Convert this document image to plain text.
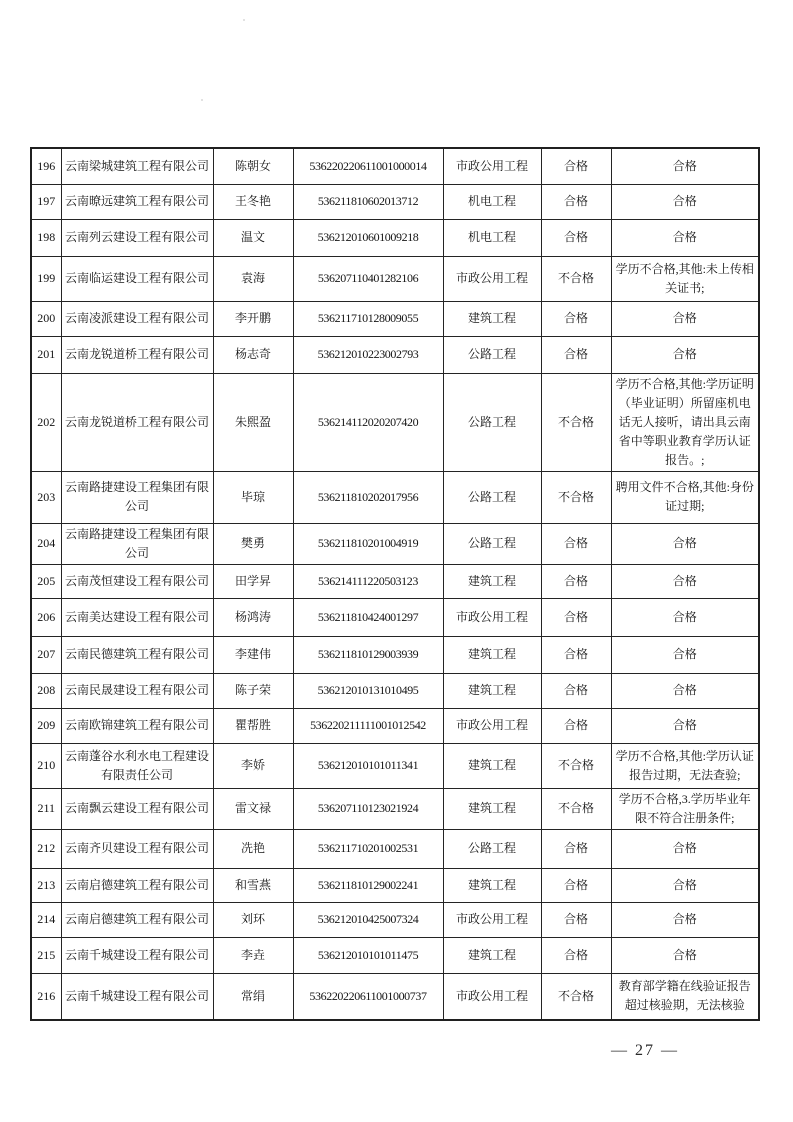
196	云南梁城建筑工程有限公司	陈朝女	536220220611001000014	市政公用工程	合格	合格
197	云南暸远建筑工程有限公司	王冬艳	536211810602013712	机电工程	合格	合格
198	云南列云建设工程有限公司	温文	536212010601009218	机电工程	合格	合格
199	云南临运建设工程有限公司	袁海	536207110401282106	市政公用工程	不合格	学历不合格,其他:未上传相关证书;
200	云南凌派建设工程有限公司	李开鹏	536211710128009055	建筑工程	合格	合格
201	云南龙锐道桥工程有限公司	杨志奇	536212010223002793	公路工程	合格	合格
202	云南龙锐道桥工程有限公司	朱熙盈	536214112020207420	公路工程	不合格	学历不合格,其他:学历证明（毕业证明）所留座机电话无人接听，请出具云南省中等职业教育学历认证报告。;
203	云南路捷建设工程集团有限公司	毕琼	536211810202017956	公路工程	不合格	聘用文件不合格,其他:身份证过期;
204	云南路捷建设工程集团有限公司	樊勇	536211810201004919	公路工程	合格	合格
205	云南茂恒建设工程有限公司	田学昇	536214111220503123	建筑工程	合格	合格
206	云南美达建设工程有限公司	杨鸿涛	536211810424001297	市政公用工程	合格	合格
207	云南民德建筑工程有限公司	李建伟	536211810129003939	建筑工程	合格	合格
208	云南民晟建设工程有限公司	陈子荣	536212010131010495	建筑工程	合格	合格
209	云南欧锦建筑工程有限公司	瞿帮胜	536220211111001012542	市政公用工程	合格	合格
210	云南蓬谷水利水电工程建设有限责任公司	李娇	536212010101011341	建筑工程	不合格	学历不合格,其他:学历认证报告过期，无法查验;
211	云南飘云建设工程有限公司	雷文禄	536207110123021924	建筑工程	不合格	学历不合格,3.学历毕业年限不符合注册条件;
212	云南齐贝建设工程有限公司	冼艳	536211710201002531	公路工程	合格	合格
213	云南启德建筑工程有限公司	和雪燕	536211810129002241	建筑工程	合格	合格
214	云南启德建筑工程有限公司	刘环	536212010425007324	市政公用工程	合格	合格
215	云南千城建设工程有限公司	李垚	536212010101011475	建筑工程	合格	合格
216	云南千城建设工程有限公司	常绢	536220220611001000737	市政公用工程	不合格	教育部学籍在线验证报告超过核验期，无法核验
— 27 —
